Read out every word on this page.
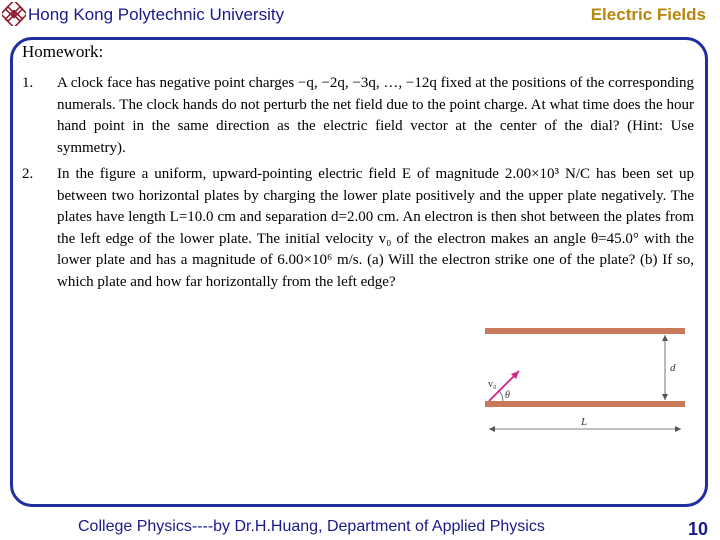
Hong Kong Polytechnic University	Electric Fields
Homework:
1.	A clock face has negative point charges −q, −2q, −3q, …, −12q fixed at the positions of the corresponding numerals. The clock hands do not perturb the net field due to the point charge. At what time does the hour hand point in the same direction as the electric field vector at the center of the dial? (Hint: Use symmetry).
2.	In the figure a uniform, upward-pointing electric field E of magnitude 2.00×10³ N/C has been set up between two horizontal plates by charging the lower plate positively and the upper plate negatively. The plates have length L=10.0 cm and separation d=2.00 cm. An electron is then shot between the plates from the left edge of the lower plate. The initial velocity v₀ of the electron makes an angle θ=45.0° with the lower plate and has a magnitude of 6.00×10⁶ m/s. (a) Will the electron strike one of the plate? (b) If so, which plate and how far horizontally from the left edge?
d
L
v₀
θ
College Physics----by Dr.H.Huang, Department of Applied Physics	10
